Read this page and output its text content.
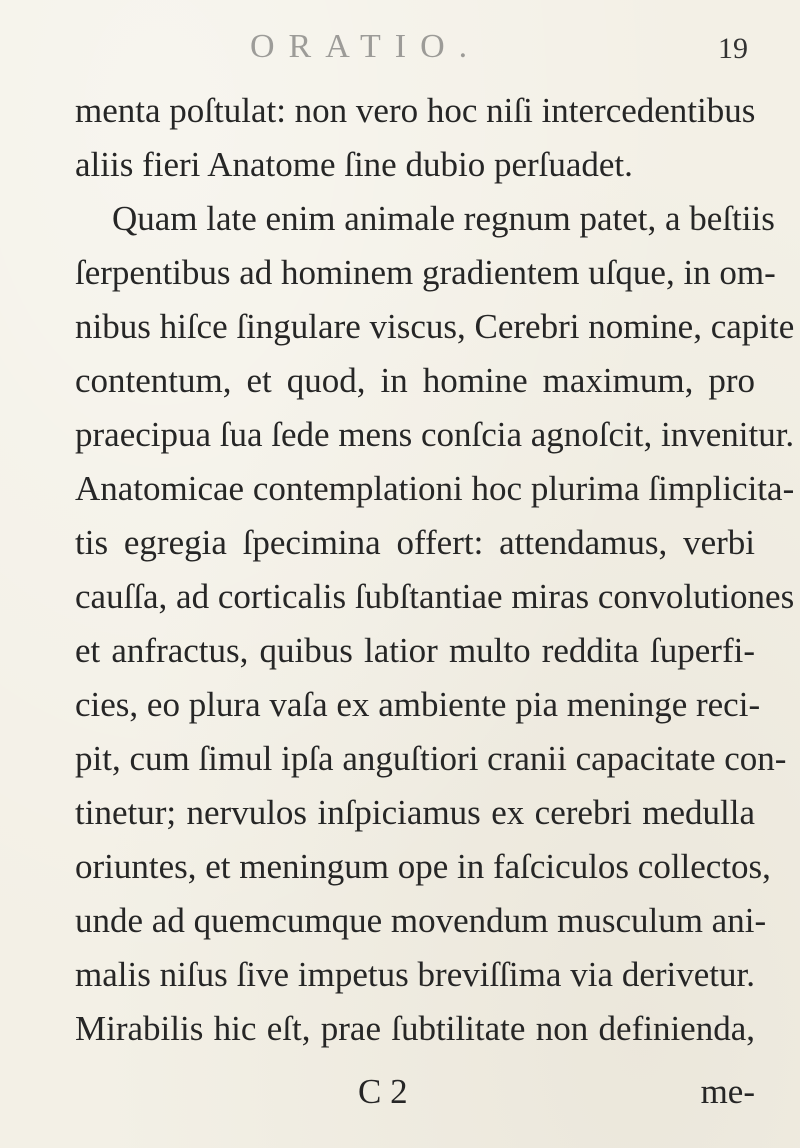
ORATIO.	19
menta poſtulat: non vero hoc niſi intercedentibus
aliis fieri Anatome ſine dubio perſuadet.
Quam late enim animale regnum patet, a beſtiis
ſerpentibus ad hominem gradientem uſque, in om-
nibus hiſce ſingulare viscus, Cerebri nomine, capite
contentum, et quod, in homine maximum, pro
praecipua ſua ſede mens conſcia agnoſcit, invenitur.
Anatomicae contemplationi hoc plurima ſimplicita-
tis egregia ſpecimina offert: attendamus, verbi
cauſſa, ad corticalis ſubſtantiae miras convolutiones
et anfractus, quibus latior multo reddita ſuperfi-
cies, eo plura vaſa ex ambiente pia meninge reci-
pit, cum ſimul ipſa anguſtiori cranii capacitate con-
tinetur; nervulos inſpiciamus ex cerebri medulla
oriuntes, et meningum ope in faſciculos collectos,
unde ad quemcumque movendum musculum ani-
malis niſus ſive impetus breviſſima via derivetur.
Mirabilis hic eſt, prae ſubtilitate non definienda,
C 2	me-
